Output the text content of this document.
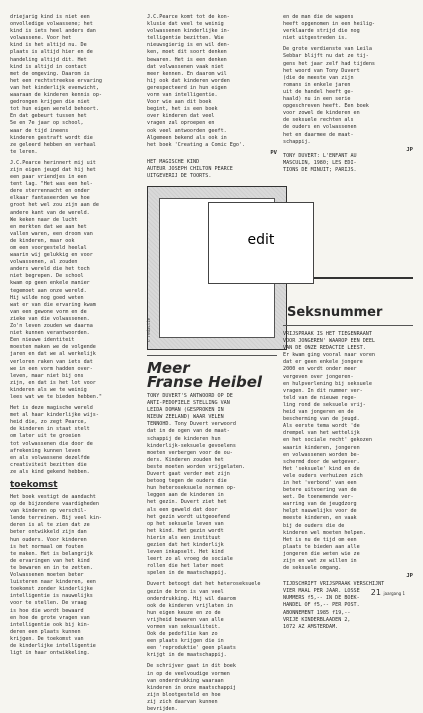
driejarig kind is niet een
onvolledige volwassene; het
kind is iets heel anders dan
volwassene. Voor het
kind is het altijd nu. De
plaats is altijd hier en de
handeling altijd dit. Het
kind is altijd in contact
met de omgeving. Daarom is
het een rechtstreekse ervaring
van het kinderlijk evenwicht,
waaraan de kinderen kennis op-
gedrongen krijgen die niet
tot hun eigen wereld behoort.
En dat gebeurt tussen het
5e en 7e jaar op school,
waar de tijd ineens
kinderen gestraft wordt die
ze geleerd hebben en verhaal
te leren.

J.C.Pearce herinnert mij uit
zijn eigen jeugd dat hij het
een paar vriendjes in een
tent lag. "Het was een hel-
dere sterrennacht en onder
elkaar fantaseerden we hoe
groot het wel zou zijn aan de
andere kant van de wereld.
We keken naar de lucht
en merkten dat we aan het
vallen waren, een droom van
de kinderen, maar ook
om een voorgesteld heelal
waarin wij gelukkig en voor
volwassenen, al zouden
anders wereld die het toch
niet begrepen. De school
kwam op geen enkele manier
tegemoet aan onze wereld.
Hij wilde nog goed weten
wat er van die ervaring kwam
van een gewone vorm en de
zieke van die volwassenen.
Zo'n leven zouden we daarna
niet kunnen verantwoorden.
Een nieuwe identiteit
moesten maken we de volgende
jaren en dat we al werkelijk
verloren raken van iets dat
we in een vorm hadden over-
leven, maar niet bij ons
zijn, en dat is het lot voor
kinderen als we te weinig
lees wat we te bieden hebben."

Het is deze magische wereld
met al haar kinderlijke wijs-
heid die, zo zegt Pearce,
de kinderen in staat stelt
om later uit te groeien
tot volwassenen die door de
afrekening kunnen leven
en als volwassene dezelfde
creativiteit bezitten die
ze als kind gekend hebben.

toekomst

Het boek vestigt de aandacht
op de bijzondere vaardigheden
van kinderen op verschil-
lende terreinen. Bij veel kin-
deren is al te zien dat ze
beter ontwikkeld zijn dan
hun ouders. Voor kinderen
is het normaal om fouten
te maken. Het is belangrijk
de ervaringen van het kind
te bewaren en in te zetten.
Volwassenen moeten beter
luisteren naar kinderen, een
toekomst zonder kinderlijke
intelligentie is nauwelijks
voor te stellen. De vraag
is hoe die wordt bewaard
en hoe de grote vragen van
intelligentie ook bij kin-
deren een plaats kunnen
krijgen. De toekomst van
de kinderlijke intelligentie
ligt in haar ontwikkeling.

J.C.Pearce komt tot de kon-
klusie dat veel te weinig
volwassenen kinderlijke in-
telligentie bezitten. Wie
nieuwsgierig is en wil den-
ken, moet dit soort denken
bewaren. Het is een denken
dat volwassenen vaak niet
meer kennen. En daarom wil
hij ook dat kinderen worden
gerespecteerd in hun eigen
vorm van intelligentie.
Voor wie aan dit boek
begint, het is een boek
over kinderen dat veel
vragen zal oproepen en
ook veel antwoorden geeft.
Algemeen bekend als ook in
het boek 'Creating a Comic Ego'.

PV

HET MAGISCHE KIND
AUTEUR JOSEPH CHILTON PEARCE
UITGEVERIJ DE TOORTS.

© redactie

Meer
Franse Heibel

TONY DUVERT'S ANTWOORD OP DE
ANTI-PEDOFIELE STELLING VAN
LEIDA DOMAN (GESPROKEN IN
NIEUW ZEELAND) WAAR VELEN
TENNOHD. Tony Duvert verwoord
dat in de ogen van de maat-
schappij de kinderen hun
kinderlijk-seksuele gevoelens
moeten verbergen voor de ou-
ders. Kinderen zouden het
beste moeten worden vrijgelaten.
Duvert gaat verder met zijn
betoog tegen de ouders die
hun heteroseksuele normen op-
leggen aan de kinderen in
het gezin. Duvert ziet het
als een geweld dat door
het gezin wordt uitgeoefend
op het seksuele leven van
het kind. Het gezin wordt
hierin als een instituut
gezien dat het kinderlijk
leven inkapselt. Het kind
leert zo al vroeg de sociale
rollen die het later moet
spelen in de maatschappij.

Duvert betoogt dat het heteroseksuele
gezin de bron is van veel
onderdrukking. Hij wil daarom
ook de kinderen vrijlaten in
hun eigen keuze en zo de
vrijheid bewaren van alle
vormen van seksualiteit.
Ook de pedofilie kan zo
een plaats krijgen die in
een 'reproduktie' geen plaats
krijgt in de maatschappij.

De schrijver gaat in dit boek
in op de veelvoudige vormen
van onderdrukking waaraan
kinderen in onze maatschappij
zijn blootgesteld en hoe
zij zich daarvan kunnen
bevrijden.

en de man die de wapens
heeft opgenomen in een heilig-
verklaarde strijd die nog
niet uitgestreden is.

De grote verdienste van Leila
Sebbar blijft nu dat ze tij-
gens het jaar zelf had tijdens
het woord van Tony Duvert
(die de meeste van zijn
romans in enkele jaren
uit de handel heeft ge-
haald) nu in een serie
opgeschreven heeft. Een boek
voor zowel de kinderen en
de seksuele rechten als
de ouders en volwassenen
het en daarmee de maat-
schappij.

JP

TONY DUVERT: L'ENFANT AU
MASCULIN, 1980; LES EDI-
TIONS DE MINUIT; PARIJS.

Seksnummer

VRIJSPRAAK IS HET TIEGENRAANT
VOOR JONGEREN' WAAROP EEN DEEL
VAN DE ONZE REDACTIE LEEST.
Er kwam ging vooral naar voren
dat er geen enkele jongere
2000 en wordt onder meer
vergeven over jongeren-
en hulpverlening bij seksuele
vragen. In dit nummer ver-
teld van de nieuwe rege-
ling rond de seksuele vrij-
heid van jongeren en de
bescherming van de jeugd.
Als eerste tema wordt 'de
drempel van het wettelijk
en het sociale recht' gekozen
waarin kinderen, jongeren
en volwassenen worden be-
schermd door de wetgever.
Het 'seksuele' kind en de
vele ouders verhuizen zich
in het 'verbond' van een
betere uitvoering van de
wet. De toenemende ver-
warring van de jeugdzorg
helpt nauwelijks voor de
meeste kinderen, en vaak
bij de ouders die de
kinderen wel moeten helpen.
Het is nu de tijd om een
plaats te bieden aan alle
jongeren die weten wie ze
zijn en wat ze willen in
de seksuele omgang.

JP

TIJDSCHRIFT VRIJSPRAAK VERSCHIJNT
VIER MAAL PER JAAR. LOSSE
NUMMERS f5,-- IN DE BOEK-
HANDEL OF f5,-- PER POST.
ABONNEMENT 1985 f19,--
VRIJE KINDERBLAADEN 2,
1072 AZ AMSTERDAM.

edit
21 jaargang 1
